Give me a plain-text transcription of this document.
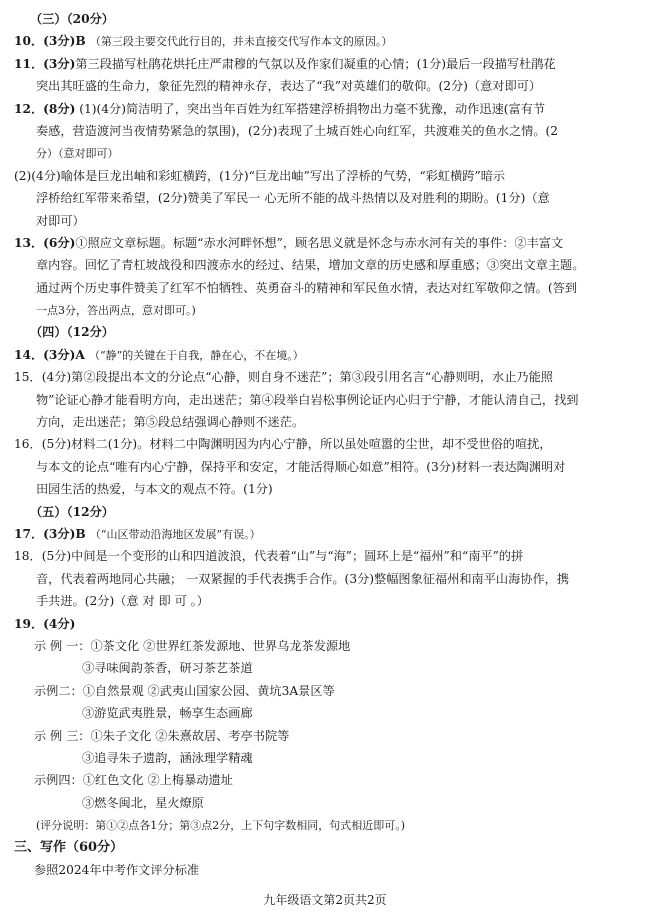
（三）（20分）
10．(3分)B （第三段主要交代此行目的，并未直接交代写作本文的原因。）
11．(3分)第三段描写杜鹃花烘托庄严肃穆的气氛以及作家们凝重的心情；(1分)最后一段描写杜鹃花
突出其旺盛的生命力，象征先烈的精神永存，表达了“我”对英雄们的敬仰。(2分)（意对即可）
12．(8分) (1)(4分)简洁明了，突出当年百姓为红军搭建浮桥捐物出力毫不犹豫，动作迅速(富有节
奏感，营造渡河当夜情势紧急的氛围)，(2分)表现了土城百姓心向红军，共渡难关的鱼水之情。(2
分）（意对即可）
(2)(4分)喻体是巨龙出岫和彩虹横跨，(1分)“巨龙出岫”写出了浮桥的气势，“彩虹横跨”暗示
浮桥给红军带来希望，(2分)赞美了军民一 心无所不能的战斗热情以及对胜利的期盼。(1分)（意
对即可）
13．(6分)①照应文章标题。标题“赤水河畔怀想”，顾名思义就是怀念与赤水河有关的事件：②丰富文
章内容。回忆了青杠坡战役和四渡赤水的经过、结果，增加文章的历史感和厚重感；③突出文章主题。
通过两个历史事件赞美了红军不怕牺牲、英勇奋斗的精神和军民鱼水情，表达对红军敬仰之情。(答到
一点3分，答出两点，意对即可。)
（四）（12分）
14．(3分)A （“静”的关键在于自我，静在心，不在境。）
15．(4分)第②段提出本文的分论点“心静，则自身不迷茫”；第③段引用名言“心静则明，水止乃能照
物”论证心静才能看明方向，走出迷茫；第④段举白岩松事例论证内心归于宁静，才能认清自己，找到
方向，走出迷茫；第⑤段总结强调心静则不迷茫。
16．(5分)材料二(1分)。材料二中陶渊明因为内心宁静，所以虽处喧嚣的尘世，却不受世俗的喧扰，
与本文的论点“唯有内心宁静，保持平和安定，才能活得顺心如意”相符。(3分)材料一表达陶渊明对
田园生活的热爱，与本文的观点不符。(1分)
（五）（12分）
17．(3分)B （“山区带动沿海地区发展”有误。）
18．(5分)中间是一个变形的山和四道波浪，代表着“山”与“海”；圆环上是“福州”和“南平”的拼
音，代表着两地同心共融； 一双紧握的手代表携手合作。(3分)整幅图象征福州和南平山海协作，携
手共进。(2分)（意 对 即 可 。）
19．(4分)
示 例 一：①茶文化 ②世界红茶发源地、世界乌龙茶发源地
③寻味闽韵茶香，研习茶艺茶道
示例二：①自然景观 ②武夷山国家公园、黄坑3A景区等
③游览武夷胜景，畅享生态画廊
示 例 三：①朱子文化 ②朱熹故居、考亭书院等
③追寻朱子遗韵，涵泳理学精魂
示例四：①红色文化 ②上梅暴动遗址
③燃冬闽北，星火燎原
(评分说明：第①②点各1分；第③点2分，上下句字数相同，句式相近即可。)
三、写作（60分）
参照2024年中考作文评分标准
九年级语文第2页共2页
